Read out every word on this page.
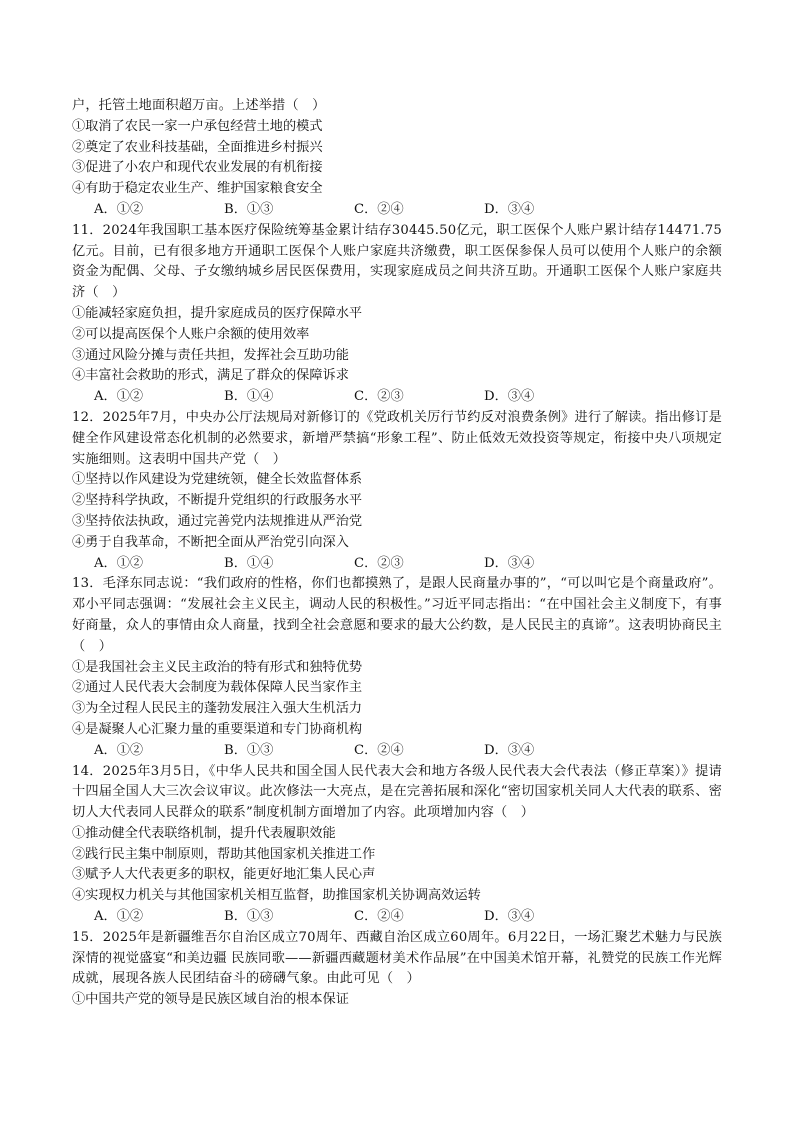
户，托管土地面积超万亩。上述举措（　）
①取消了农民一家一户承包经营土地的模式
②奠定了农业科技基础，全面推进乡村振兴
③促进了小农户和现代农业发展的有机衔接
④有助于稳定农业生产、维护国家粮食安全
A．①②	B．①③	C．②④	D．③④
11．2024年我国职工基本医疗保险统筹基金累计结存30445.50亿元，职工医保个人账户累计结存14471.75亿元。目前，已有很多地方开通职工医保个人账户家庭共济缴费，职工医保参保人员可以使用个人账户的余额资金为配偶、父母、子女缴纳城乡居民医保费用，实现家庭成员之间共济互助。开通职工医保个人账户家庭共济（　）
①能减轻家庭负担，提升家庭成员的医疗保障水平
②可以提高医保个人账户余额的使用效率
③通过风险分摊与责任共担，发挥社会互助功能
④丰富社会救助的形式，满足了群众的保障诉求
A．①②	B．①④	C．②③	D．③④
12．2025年7月，中央办公厅法规局对新修订的《党政机关厉行节约反对浪费条例》进行了解读。指出修订是健全作风建设常态化机制的必然要求，新增严禁搞“形象工程”、防止低效无效投资等规定，衔接中央八项规定实施细则。这表明中国共产党（　）
①坚持以作风建设为党建统领，健全长效监督体系
②坚持科学执政，不断提升党组织的行政服务水平
③坚持依法执政，通过完善党内法规推进从严治党
④勇于自我革命，不断把全面从严治党引向深入
A．①②	B．①④	C．②③	D．③④
13．毛泽东同志说：“我们政府的性格，你们也都摸熟了，是跟人民商量办事的”，“可以叫它是个商量政府”。邓小平同志强调：“发展社会主义民主，调动人民的积极性。”习近平同志指出：“在中国社会主义制度下，有事好商量，众人的事情由众人商量，找到全社会意愿和要求的最大公约数，是人民民主的真谛”。这表明协商民主（　）
①是我国社会主义民主政治的特有形式和独特优势
②通过人民代表大会制度为载体保障人民当家作主
③为全过程人民民主的蓬勃发展注入强大生机活力
④是凝聚人心汇聚力量的重要渠道和专门协商机构
A．①②	B．①③	C．②④	D．③④
14．2025年3月5日，《中华人民共和国全国人民代表大会和地方各级人民代表大会代表法（修正草案）》提请十四届全国人大三次会议审议。此次修法一大亮点，是在完善拓展和深化“密切国家机关同人大代表的联系、密切人大代表同人民群众的联系”制度机制方面增加了内容。此项增加内容（　）
①推动健全代表联络机制，提升代表履职效能
②践行民主集中制原则，帮助其他国家机关推进工作
③赋予人大代表更多的职权，能更好地汇集人民心声
④实现权力机关与其他国家机关相互监督，助推国家机关协调高效运转
A．①②	B．①③	C．②④	D．③④
15．2025年是新疆维吾尔自治区成立70周年、西藏自治区成立60周年。6月22日，一场汇聚艺术魅力与民族深情的视觉盛宴“和美边疆 民族同歌——新疆西藏题材美术作品展”在中国美术馆开幕，礼赞党的民族工作光辉成就，展现各族人民团结奋斗的磅礴气象。由此可见（　）
①中国共产党的领导是民族区域自治的根本保证
